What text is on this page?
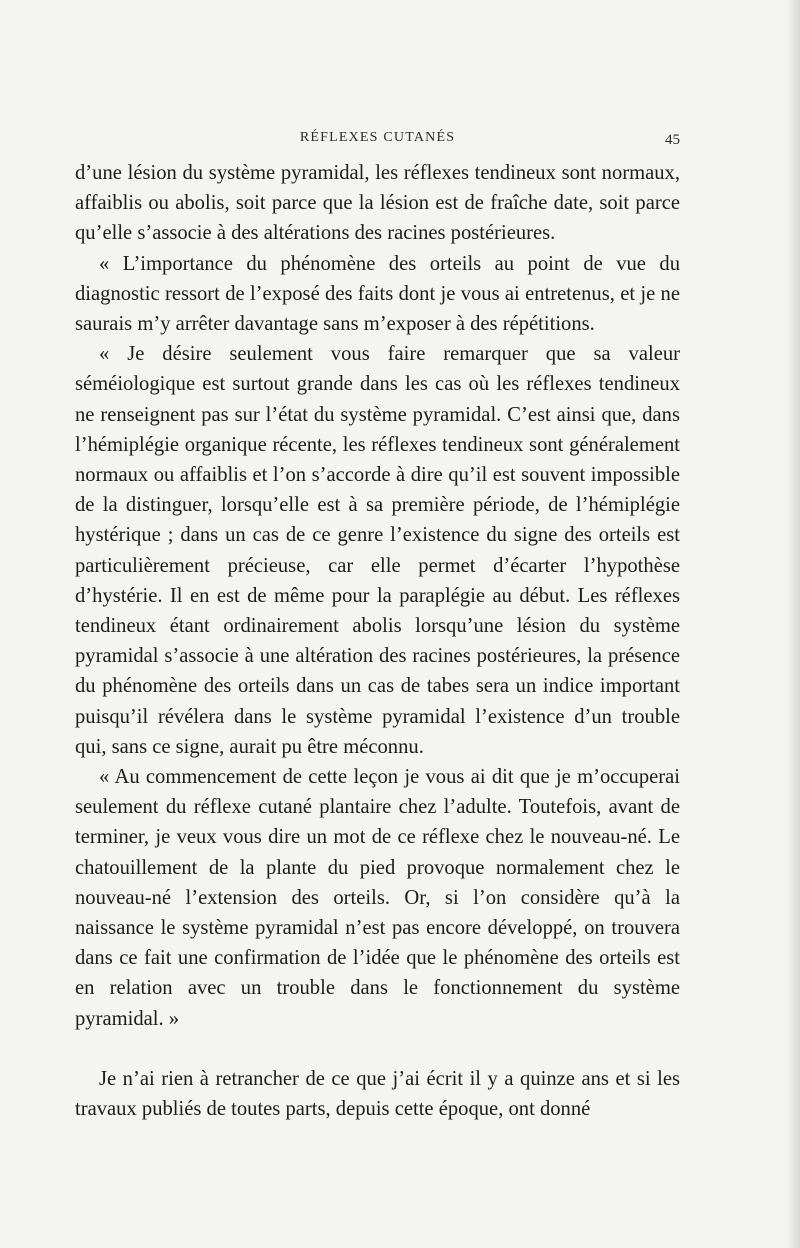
RÉFLEXES CUTANÉS	45

d’une lésion du système pyramidal, les réflexes tendineux sont normaux, affaiblis ou abolis, soit parce que la lésion est de fraîche date, soit parce qu’elle s’associe à des altérations des racines postérieures.

« L’importance du phénomène des orteils au point de vue du diagnostic ressort de l’exposé des faits dont je vous ai entretenus, et je ne saurais m’y arrêter davantage sans m’exposer à des répétitions.

« Je désire seulement vous faire remarquer que sa valeur séméiologique est surtout grande dans les cas où les réflexes tendineux ne renseignent pas sur l’état du système pyramidal. C’est ainsi que, dans l’hémiplégie organique récente, les réflexes tendineux sont généralement normaux ou affaiblis et l’on s’accorde à dire qu’il est souvent impossible de la distinguer, lorsqu’elle est à sa première période, de l’hémiplégie hystérique ; dans un cas de ce genre l’existence du signe des orteils est particulièrement précieuse, car elle permet d’écarter l’hypothèse d’hystérie. Il en est de même pour la paraplégie au début. Les réflexes tendineux étant ordinairement abolis lorsqu’une lésion du système pyramidal s’associe à une altération des racines postérieures, la présence du phénomène des orteils dans un cas de tabes sera un indice important puisqu’il révélera dans le système pyramidal l’existence d’un trouble qui, sans ce signe, aurait pu être méconnu.

« Au commencement de cette leçon je vous ai dit que je m’occuperai seulement du réflexe cutané plantaire chez l’adulte. Toutefois, avant de terminer, je veux vous dire un mot de ce réflexe chez le nouveau-né. Le chatouillement de la plante du pied provoque normalement chez le nouveau-né l’extension des orteils. Or, si l’on considère qu’à la naissance le système pyramidal n’est pas encore développé, on trouvera dans ce fait une confirmation de l’idée que le phénomène des orteils est en relation avec un trouble dans le fonctionnement du système pyramidal. »

Je n’ai rien à retrancher de ce que j’ai écrit il y a quinze ans et si les travaux publiés de toutes parts, depuis cette époque, ont donné
